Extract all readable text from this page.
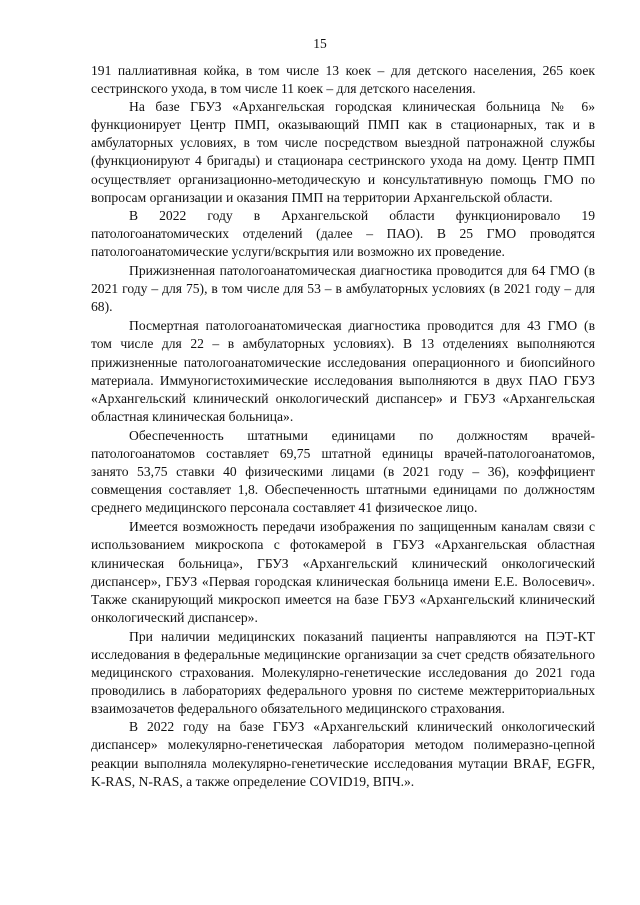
15

191 паллиативная койка, в том числе 13 коек – для детского населения, 265 коек сестринского ухода, в том числе 11 коек – для детского населения.

На базе ГБУЗ «Архангельская городская клиническая больница № 6» функционирует Центр ПМП, оказывающий ПМП как в стационарных, так и в амбулаторных условиях, в том числе посредством выездной патронажной службы (функционируют 4 бригады) и стационара сестринского ухода на дому. Центр ПМП осуществляет организационно-методическую и консультативную помощь ГМО по вопросам организации и оказания ПМП на территории Архангельской области.

В 2022 году в Архангельской области функционировало 19 патологоанатомических отделений (далее – ПАО). В 25 ГМО проводятся патологоанатомические услуги/вскрытия или возможно их проведение.

Прижизненная патологоанатомическая диагностика проводится для 64 ГМО (в 2021 году – для 75), в том числе для 53 – в амбулаторных условиях (в 2021 году – для 68).

Посмертная патологоанатомическая диагностика проводится для 43 ГМО (в том числе для 22 – в амбулаторных условиях). В 13 отделениях выполняются прижизненные патологоанатомические исследования операционного и биопсийного материала. Иммуногистохимические исследования выполняются в двух ПАО ГБУЗ «Архангельский клинический онкологический диспансер» и ГБУЗ «Архангельская областная клиническая больница».

Обеспеченность штатными единицами по должностям врачей-патологоанатомов составляет 69,75 штатной единицы врачей-патологоанатомов, занято 53,75 ставки 40 физическими лицами (в 2021 году – 36), коэффициент совмещения составляет 1,8. Обеспеченность штатными единицами по должностям среднего медицинского персонала составляет 41 физическое лицо.

Имеется возможность передачи изображения по защищенным каналам связи с использованием микроскопа с фотокамерой в ГБУЗ «Архангельская областная клиническая больница», ГБУЗ «Архангельский клинический онкологический диспансер», ГБУЗ «Первая городская клиническая больница имени Е.Е. Волосевич». Также сканирующий микроскоп имеется на базе ГБУЗ «Архангельский клинический онкологический диспансер».

При наличии медицинских показаний пациенты направляются на ПЭТ-КТ исследования в федеральные медицинские организации за счет средств обязательного медицинского страхования. Молекулярно-генетические исследования до 2021 года проводились в лабораториях федерального уровня по системе межтерриториальных взаимозачетов федерального обязательного медицинского страхования.

В 2022 году на базе ГБУЗ «Архангельский клинический онкологический диспансер» молекулярно-генетическая лаборатория методом полимеразно-цепной реакции выполняла молекулярно-генетические исследования мутации BRAF, EGFR, K-RAS, N-RAS, а также определение COVID19, ВПЧ.».
